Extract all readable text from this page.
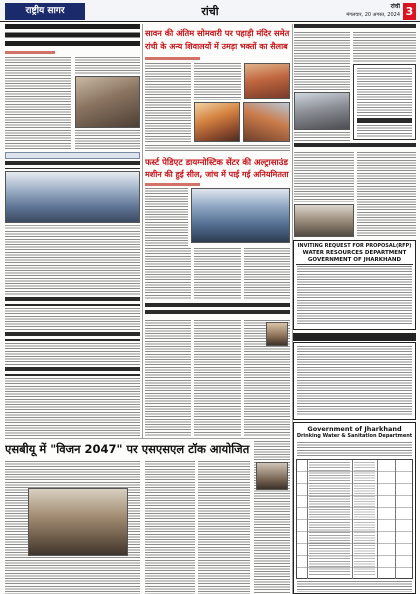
राष्ट्रीय सागर	रांची	रांची
मंगलवार, 20 अगस्त, 2024 3
एसबीयू में "विजन 2047" पर एसएसएल टॉक आयोजित
सावन की अंतिम सोमवारी पर पहाड़ी मंदिर समेत
रांची के अन्य शिवालयों में उमड़ा भक्तों का सैलाब
फर्स्ट पेडिएट डायग्नोस्टिक सेंटर की अल्ट्रासाउंड
मशीन की हुई सील, जांच में पाई गई अनियमितता
INVITING REQUEST FOR PROPOSAL(RFP)
WATER RESOURCES DEPARTMENT
GOVERNMENT OF JHARKHAND
Government of Jharkhand
Drinking Water & Sanitation Department
